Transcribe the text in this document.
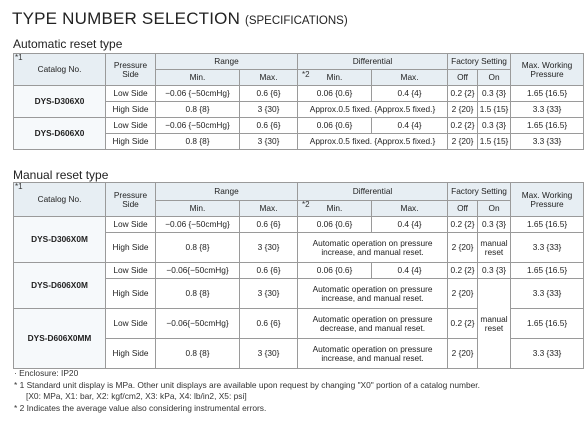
TYPE NUMBER SELECTION (SPECIFICATIONS)
Automatic reset type
Catalog No.	Pressure Side	Range		Differential		Factory Setting		Max. Working Pressure
		Min.	Max.	Min.	Max.	Off	On	
DYS-D306X0	Low Side	−0.06 {−50cmHg}	0.6 {6}	0.06 {0.6}	0.4 {4}	0.2 {2}	0.3 {3}	1.65 {16.5}
	High Side	0.8 {8}	3 {30}	Approx.0.5 fixed. {Approx.5 fixed.}		2 {20}	1.5 {15}	3.3 {33}
DYS-D606X0	Low Side	−0.06 {−50cmHg}	0.6 {6}	0.06 {0.6}	0.4 {4}	0.2 {2}	0.3 {3}	1.65 {16.5}
	High Side	0.8 {8}	3 {30}	Approx.0.5 fixed. {Approx.5 fixed.}		2 {20}	1.5 {15}	3.3 {33}
*1
*2
Manual reset type
Catalog No.	Pressure Side	Range		Differential		Factory Setting		Max. Working Pressure
		Min.	Max.	Min.	Max.	Off	On	
DYS-D306X0M	Low Side	−0.06 {−50cmHg}	0.6 {6}	0.06 {0.6}	0.4 {4}	0.2 {2}	0.3 {3}	1.65 {16.5}
	High Side	0.8 {8}	3 {30}	Automatic operation on pressure increase, and manual reset.		2 {20}	manual reset	3.3 {33}
DYS-D606X0M	Low Side	−0.06{−50cmHg}	0.6 {6}	0.06 {0.6}	0.4 {4}	0.2 {2}	0.3 {3}	1.65 {16.5}
	High Side	0.8 {8}	3 {30}	Automatic operation on pressure increase, and manual reset.		2 {20}	manual reset	3.3 {33}
DYS-D606X0MM	Low Side	−0.06{−50cmHg}	0.6 {6}	Automatic operation on pressure decrease, and manual reset.		0.2 {2}		1.65 {16.5}
	High Side	0.8 {8}	3 {30}	Automatic operation on pressure increase, and manual reset.		2 {20}		3.3 {33}
*1
*2
· Enclosure: IP20
* 1 Standard unit display is MPa. Other unit displays are available upon request by changing "X0" portion of a catalog number.
[X0: MPa, X1: bar, X2: kgf/cm2, X3: kPa, X4: lb/in2, X5: psi]
* 2 Indicates the average value also considering instrumental errors.
